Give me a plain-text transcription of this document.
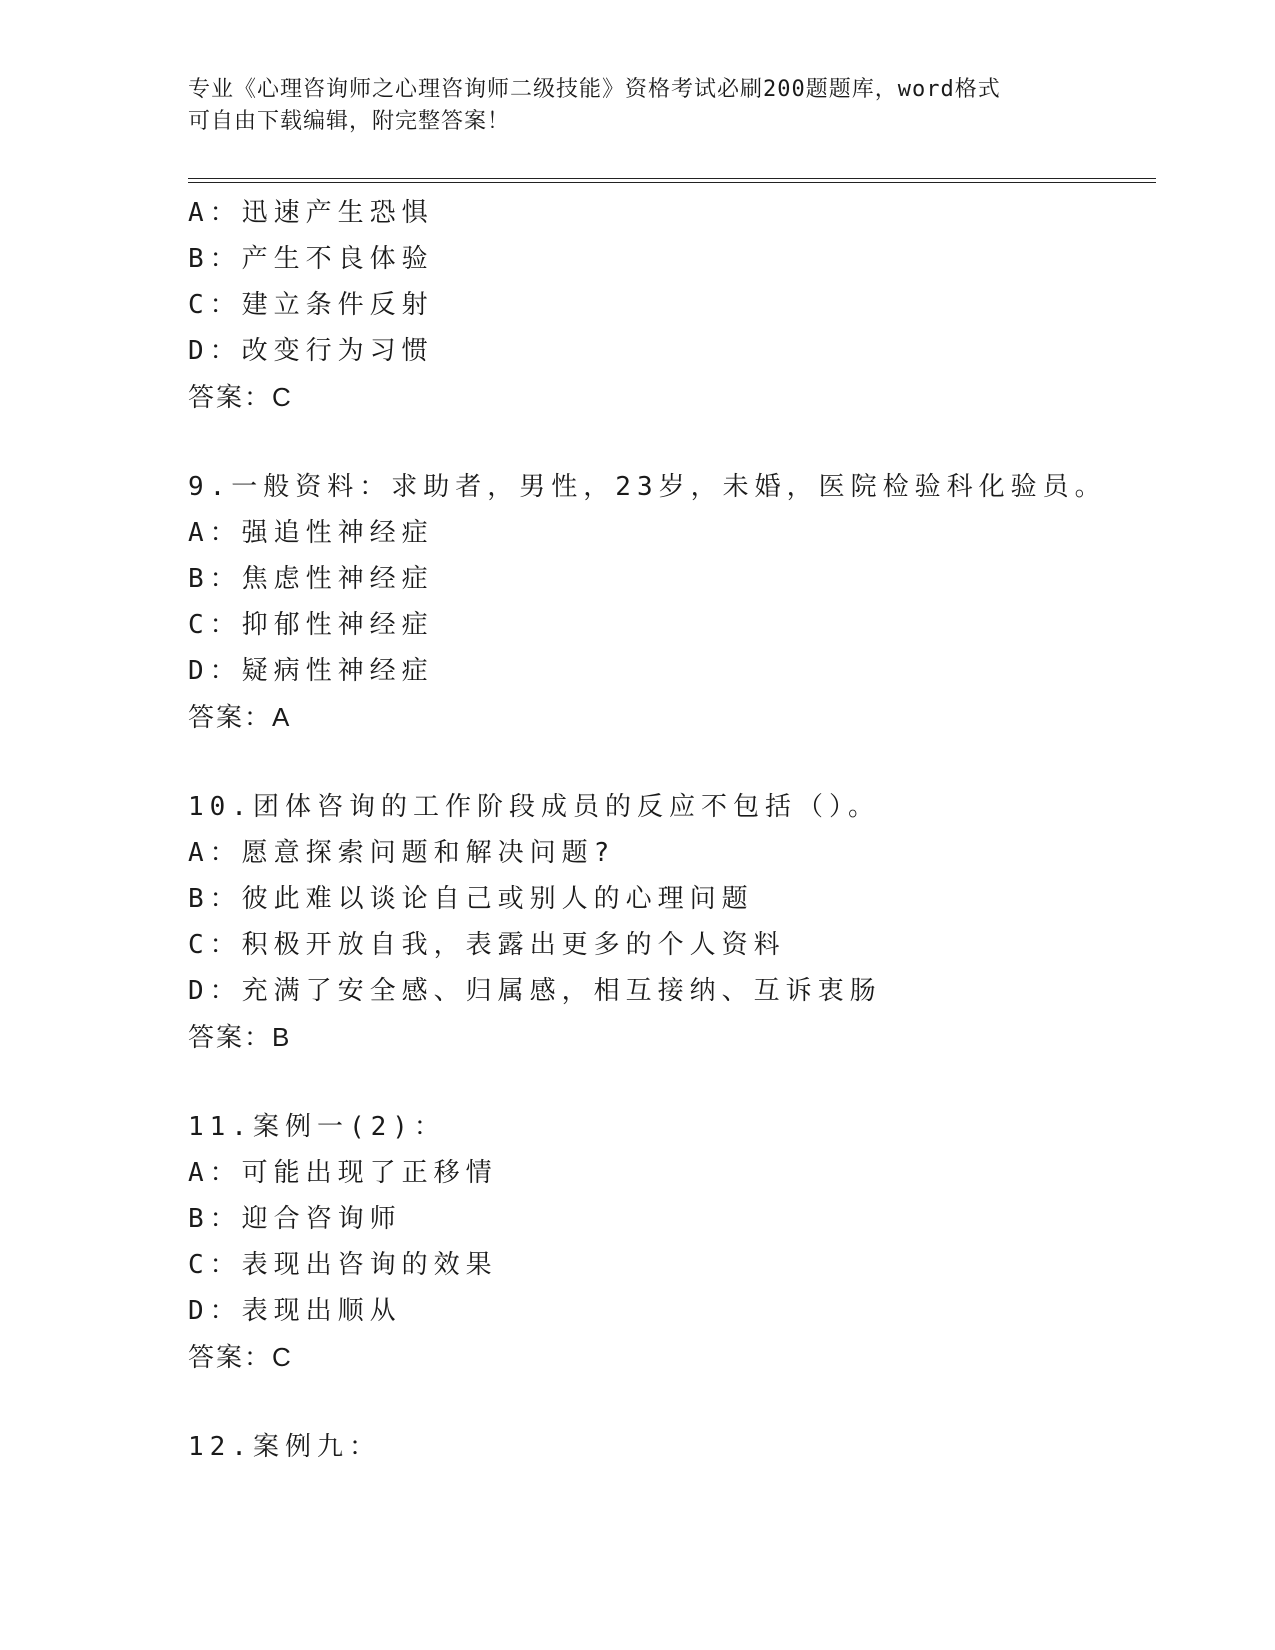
专业《心理咨询师之心理咨询师二级技能》资格考试必刷200题题库，word格式
可自由下载编辑，附完整答案！
A：迅速产生恐惧
B：产生不良体验
C：建立条件反射
D：改变行为习惯
答案：C
9.一般资料：求助者，男性，23岁，未婚，医院检验科化验员。
A：强追性神经症
B：焦虑性神经症
C：抑郁性神经症
D：疑病性神经症
答案：A
10.团体咨询的工作阶段成员的反应不包括（）。
A：愿意探索问题和解决问题?
B：彼此难以谈论自己或别人的心理问题
C：积极开放自我，表露出更多的个人资料
D：充满了安全感、归属感，相互接纳、互诉衷肠
答案：B
11.案例一(2)：
A：可能出现了正移情
B：迎合咨询师
C：表现出咨询的效果
D：表现出顺从
答案：C
12.案例九：
